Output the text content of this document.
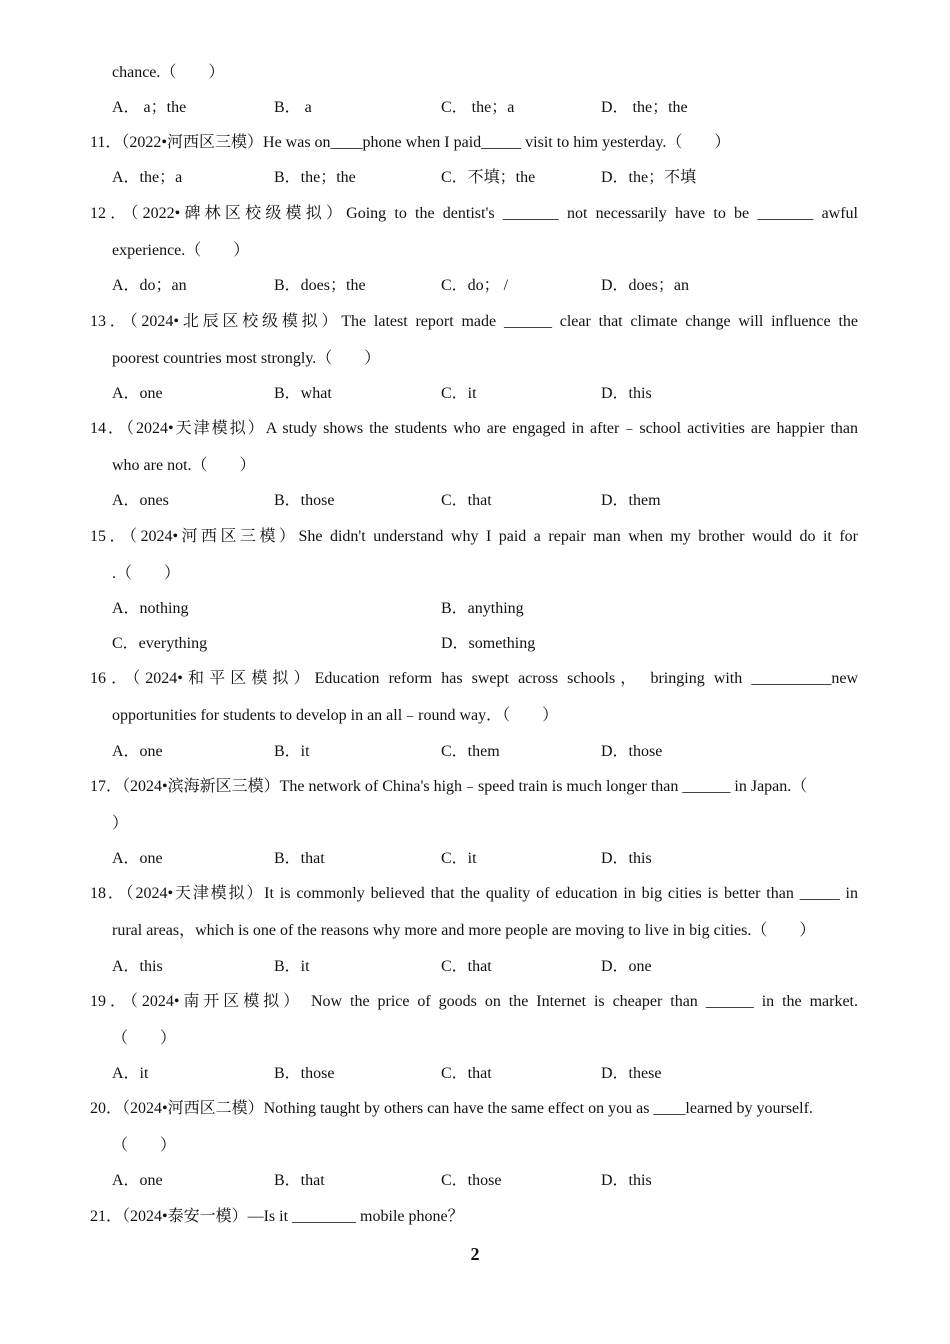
2
chance.（　　）
11．（2022•河西区三模）He was on____phone when I paid_____ visit to him yesterday.（　　）
12．（2022•碑林区校级模拟）Going to the dentist's _______ not necessarily have to be _______ awful
experience.（　　）
13．（2024•北辰区校级模拟）The latest report made ______ clear that climate change will influence the
poorest countries most strongly.（　　）
14．（2024•天津模拟）A study shows the students who are engaged in after﹣school activities are happier than
who are not.（　　）
15．（2024•河西区三模）She didn't understand why I paid a repair man when my brother would do it for
.（　　）
16．（2024•和平区模拟）Education reform has swept across schools， bringing with __________new
opportunities for students to develop in an all﹣round way．（　　）
17．（2024•滨海新区三模）The network of China's high﹣speed train is much longer than ______ in Japan.（
）
18．（2024•天津模拟）It is commonly believed that the quality of education in big cities is better than _____ in
rural areas，which is one of the reasons why more and more people are moving to live in big cities.（　　）
19．（2024•南开区模拟） Now the price of goods on the Internet is cheaper than ______ in the market.
（　　）
20．（2024•河西区二模）Nothing taught by others can have the same effect on you as ____learned by yourself.
（　　）
21．（2024•泰安一模）—Is it ________ mobile phone？
A． a；the	B． a	C． the；a	D． the；the
A．the；a	B．the；the	C．不填；the	D．the；不填
A．do；an	B．does；the	C．do； /	D．does；an
A．one	B．what	C．it	D．this
A．ones	B．those	C．that	D．them
A．nothing	B．anything
C．everything	D．something
A．one	B．it	C．them	D．those
A．one	B．that	C．it	D．this
A．this	B．it	C．that	D．one
A．it	B．those	C．that	D．these
A．one	B．that	C．those	D．this
